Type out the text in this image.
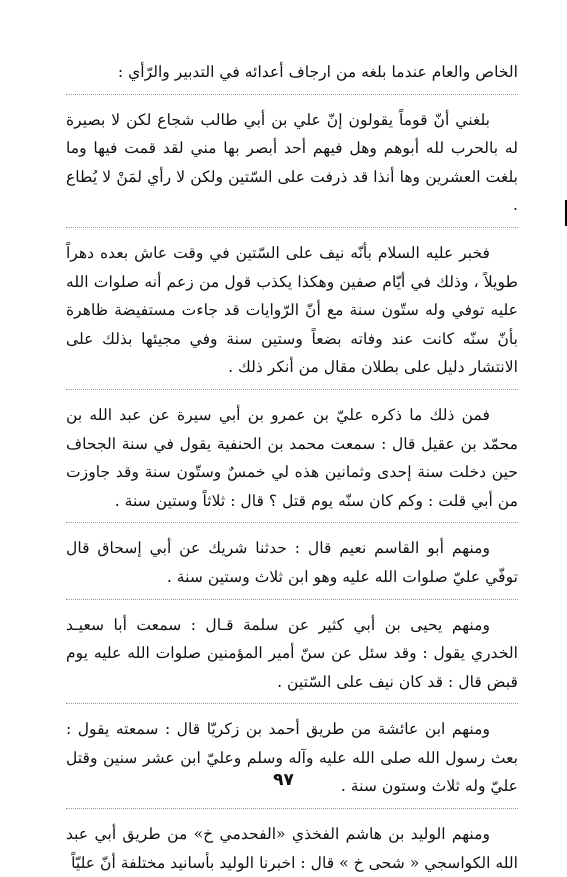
الخاص والعام عندما بلغه من ارجاف أعدائه في التدبير والرّأي :

بلغني أنّ قوماً يقولون إنّ علي بن أبي طالب شجاع لكن لا بصيرة له بالحرب لله أبوهم وهل فيهم أحد أبصر بها مني لقد قمت فيها وما بلغت العشرين وها أنذا قد ذرفت على السّتين ولكن لا رأي لمَنْ لا يُطاع .

فخبر عليه السلام بأنّه نيف على السّتين في وقت عاش بعده دهراً طويلاً ، وذلك في أيّام صفين وهكذا يكذب قول من زعم أنه صلوات الله عليه توفي وله ستّون سنة مع أنّ الرّوايات قد جاءت مستفيضة ظاهرة بأنّ سنّه كانت عند وفاته بضعاً وستين سنة وفي مجيئها بذلك على الانتشار دليل على بطلان مقال من أنكر ذلك .

فمن ذلك ما ذكره عليّ بن عمرو بن أبي سيرة عن عبد الله بن محمّد بن عقيل قال : سمعت محمد بن الحنفية يقول في سنة الجحاف حين دخلت سنة إحدى وثمانين هذه لي خمسٌ وستّون سنة وقد جاوزت من أبي قلت : وكم كان سنّه يوم قتل ؟ قال : ثلاثاً وستين سنة .

ومنهم أبو القاسم نعيم قال : حدثنا شريك عن أبي إسحاق قال توفّي عليّ صلوات الله عليه وهو ابن ثلاث وستين سنة .

ومنهم يحيى بن أبي كثير عن سلمة قـال : سمعت أبا سعيـد الخدري يقول : وقد سئل عن سنّ أمير المؤمنين صلوات الله عليه يوم قبض قال : قد كان نيف على السّتين .

ومنهم ابن عائشة من طريق أحمد بن زكريّا قال : سمعته يقول : بعث رسول الله صلى الله عليه وآله وسلم وعليّ ابن عشر سنين وقتل عليّ وله ثلاث وستون سنة .

ومنهم الوليد بن هاشم الفخذي «الفحدمي خ» من طريق أبي عبد الله الكواسجي « شحى خ » قال : اخبرنا الوليد بأسانيد مختلفة أنّ عليّاً

٩٧
